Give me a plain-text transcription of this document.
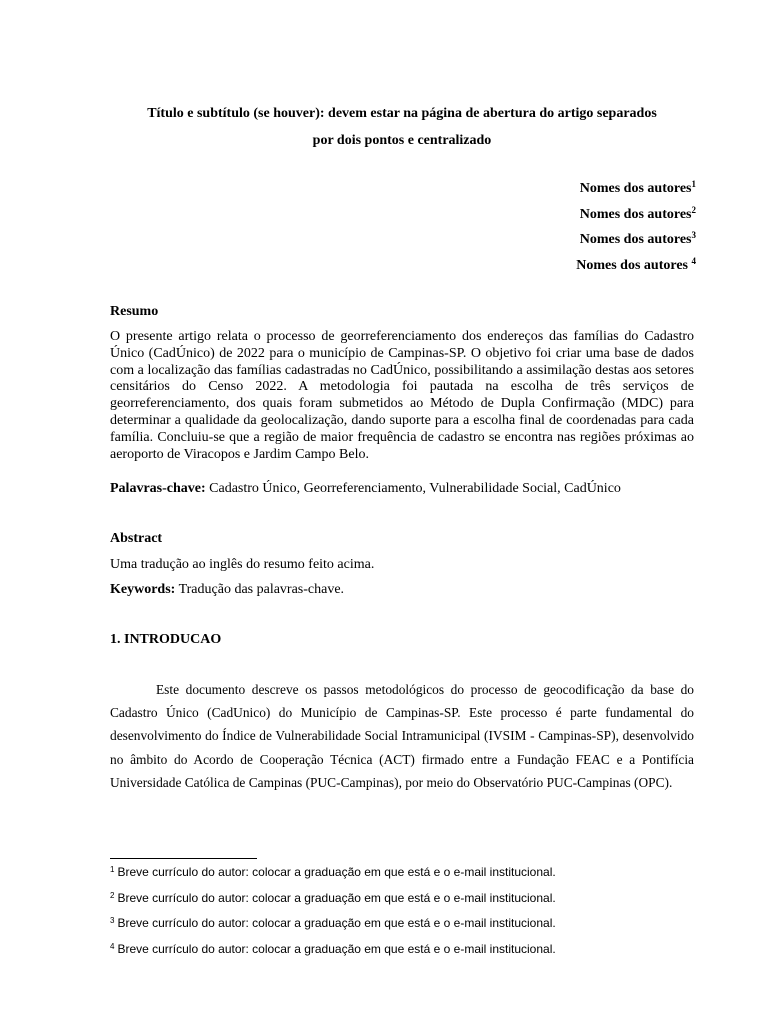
Título e subtítulo (se houver): devem estar na página de abertura do artigo separados
por dois pontos e centralizado
Nomes dos autores$^1$
Nomes dos autores$^2$
Nomes dos autores$^3$
Nomes dos autores $^4$
Resumo

O presente artigo relata o processo de georreferenciamento dos endereços das famílias do Cadastro Único (CadÚnico) de 2022 para o município de Campinas-SP. O objetivo foi criar uma base de dados com a localização das famílias cadastradas no CadÚnico, possibilitando a assimilação destas aos setores censitários do Censo 2022. A metodologia foi pautada na escolha de três serviços de georreferenciamento, dos quais foram submetidos ao Método de Dupla Confirmação (MDC) para determinar a qualidade da geolocalização, dando suporte para a escolha final de coordenadas para cada família. Concluiu-se que a região de maior frequência de cadastro se encontra nas regiões próximas ao aeroporto de Viracopos e Jardim Campo Belo.

Palavras-chave: Cadastro Único, Georreferenciamento, Vulnerabilidade Social, CadÚnico
Abstract
Uma tradução ao inglês do resumo feito acima.
Keywords: Tradução das palavras-chave.
1. INTRODUCAO

Este documento descreve os passos metodológicos do processo de geocodificação da base do Cadastro Único (CadUnico) do Município de Campinas-SP. Este processo é parte fundamental do desenvolvimento do Índice de Vulnerabilidade Social Intramunicipal (IVSIM - Campinas-SP), desenvolvido no âmbito do Acordo de Cooperação Técnica (ACT) firmado entre a Fundação FEAC e a Pontifícia Universidade Católica de Campinas (PUC-Campinas), por meio do Observatório PUC-Campinas (OPC).

$^1$ Breve currículo do autor: colocar a graduação em que está e o e-mail institucional.
$^2$ Breve currículo do autor: colocar a graduação em que está e o e-mail institucional.
$^3$ Breve currículo do autor: colocar a graduação em que está e o e-mail institucional.
$^4$ Breve currículo do autor: colocar a graduação em que está e o e-mail institucional.
